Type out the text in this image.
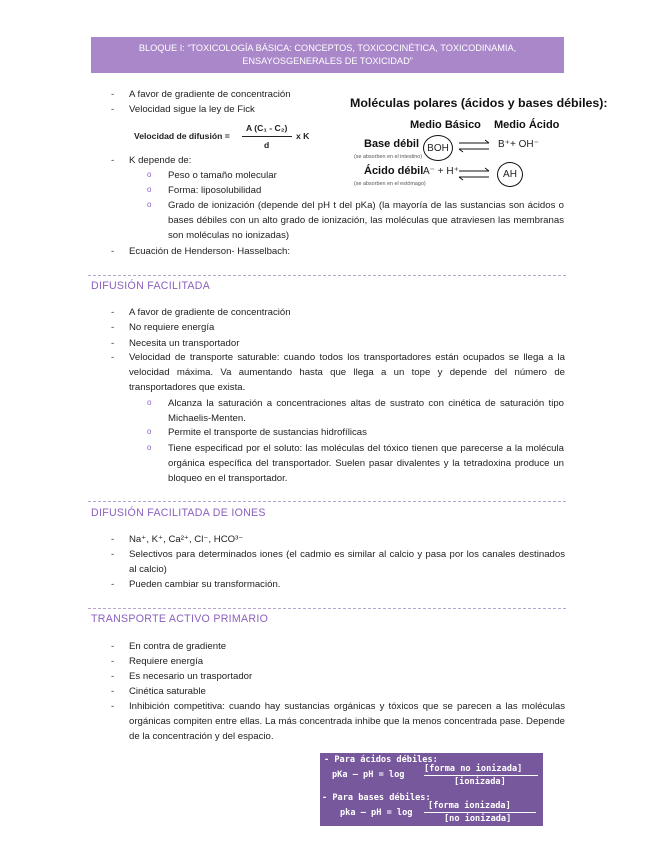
BLOQUE I: “TOXICOLOGÍA BÁSICA: CONCEPTOS, TOXICOCINÉTICA, TOXICODINAMIA,
ENSAYOSGENERALES DE TOXICIDAD”
- A favor de gradiente de concentración
- Velocidad sigue la ley de Fick
Velocidad de difusión =
A (C₁ - C₂)
d
x K
- K depende de:
o Peso o tamaño molecular
o Forma: liposolubilidad
o Grado de ionización (depende del pH t del pKa) (la mayoría de las sustancias son ácidos o bases débiles con un alto grado de ionización, las moléculas que atraviesen las membranas son moléculas no ionizadas)
- Ecuación de Henderson- Hasselbach:
Moléculas polares (ácidos y bases débiles):
Medio Básico Medio Ácido
Base débil
(se absorben en el intestino)
BOH ⇌ B⁺+ OH⁻
Ácido débil
(se absorben en el estómago)
A⁻ + H⁺ ⇌	AH
DIFUSIÓN FACILITADA
- A favor de gradiente de concentración
- No requiere energía
- Necesita un transportador
- Velocidad de transporte saturable: cuando todos los transportadores están ocupados se llega a la velocidad máxima. Va aumentando hasta que llega a un tope y depende del número de transportadores que exista.
o Alcanza la saturación a concentraciones altas de sustrato con cinética de saturación tipo Michaelis-Menten.
o Permite el transporte de sustancias hidrofílicas
o Tiene especificad por el soluto: las moléculas del tóxico tienen que parecerse a la molécula orgánica específica del transportador. Suelen pasar divalentes y la tetradoxina produce un bloqueo en el transportador.
DIFUSIÓN FACILITADA DE IONES
- Na⁺, K⁺, Ca²⁺, Cl⁻, HCO³⁻
- Selectivos para determinados iones (el cadmio es similar al calcio y pasa por los canales destinados al calcio)
- Pueden cambiar su transformación.
TRANSPORTE ACTIVO PRIMARIO
- En contra de gradiente
- Requiere energía
- Es necesario un trasportador
- Cinética saturable
- Inhibición competitiva: cuando hay sustancias orgánicas y tóxicos que se parecen a las moléculas orgánicas compiten entre ellas. La más concentrada inhibe que la menos concentrada pase. Depende de la concentración y del espacio.
- Para ácidos débiles:
[forma no ionizada]
pKa – pH = log
[ionizada]
- Para bases débiles:
[forma ionizada]
pka – pH = log
[no ionizada]
